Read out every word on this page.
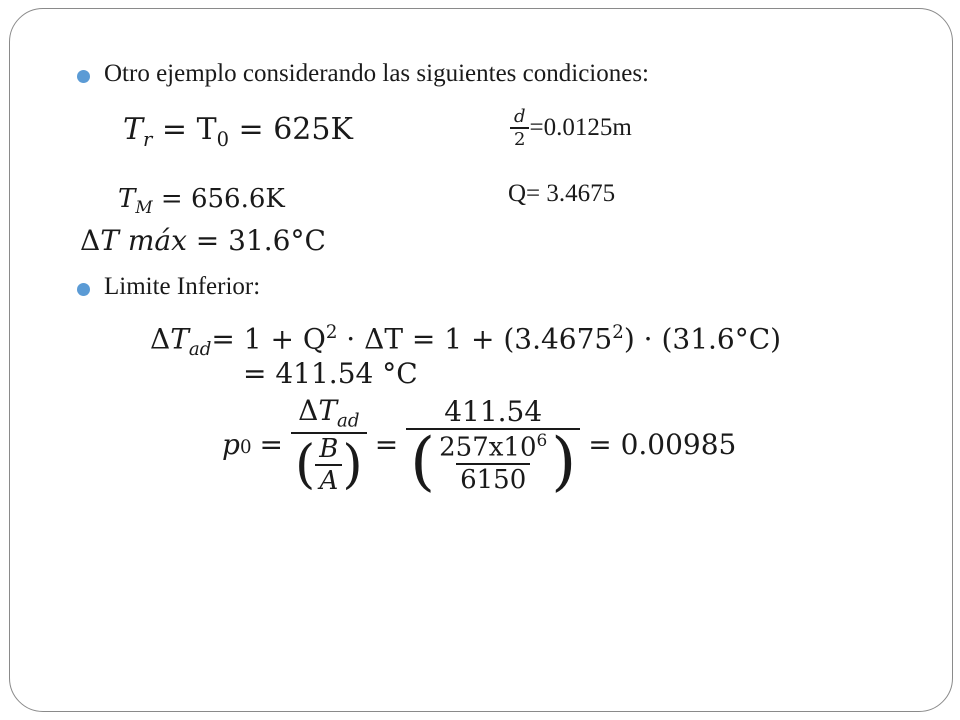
Otro ejemplo considerando las siguientes condiciones:
$T_r = T_0 = 625K$	$\frac{d}{2} =0.0125m$
Q= 3.4675
$T_M = 656.6K$
ΔT máx = 31.6°C
Limite Inferior:
$\Delta T_{ad}= 1 + Q^2 \cdot \Delta T = 1 + (3.4675^2) \cdot (31.6^\circ C)$
= 411.54 °C
p $0 = \frac{\Delta T_{ad}}{( \frac{B}{A} )} = \frac{411.54}{( \frac{257x10^6}{6150} )} = 0.00985$
